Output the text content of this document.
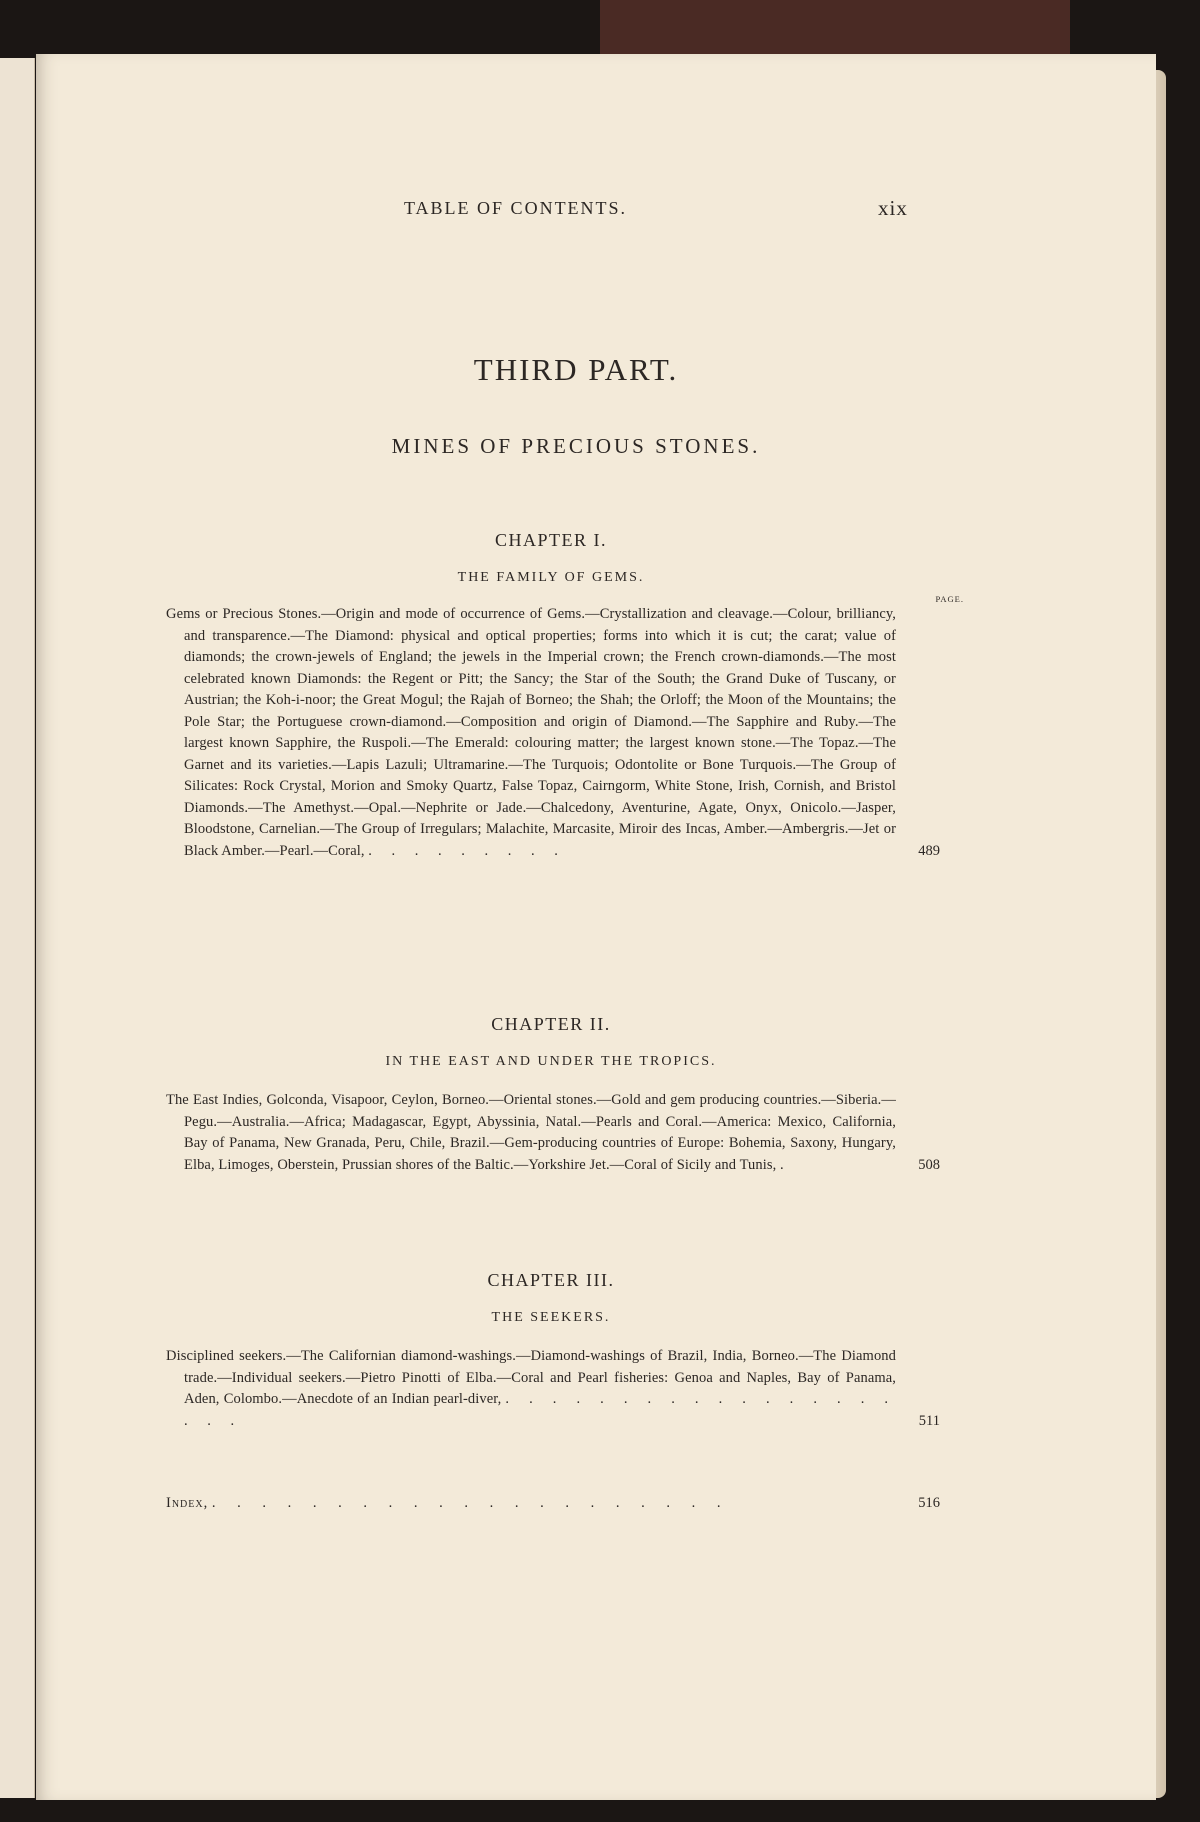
TABLE OF CONTENTS.	xix
THIRD PART.
MINES OF PRECIOUS STONES.
CHAPTER I.
THE FAMILY OF GEMS.
PAGE.
Gems or Precious Stones.—Origin and mode of occurrence of Gems.—Crystallization and cleavage.—Colour, brilliancy, and transparence.—The Diamond: physical and optical properties; forms into which it is cut; the carat; value of diamonds; the crown-jewels of England; the jewels in the Imperial crown; the French crown-diamonds.—The most celebrated known Diamonds: the Regent or Pitt; the Sancy; the Star of the South; the Grand Duke of Tuscany, or Austrian; the Koh-i-noor; the Great Mogul; the Rajah of Borneo; the Shah; the Orloff; the Moon of the Mountains; the Pole Star; the Portuguese crown-diamond.—Composition and origin of Diamond.—The Sapphire and Ruby.—The largest known Sapphire, the Ruspoli.—The Emerald: colouring matter; the largest known stone.—The Topaz.—The Garnet and its varieties.—Lapis Lazuli; Ultramarine.—The Turquois; Odontolite or Bone Turquois.—The Group of Silicates: Rock Crystal, Morion and Smoky Quartz, False Topaz, Cairngorm, White Stone, Irish, Cornish, and Bristol Diamonds.—The Amethyst.—Opal.—Nephrite or Jade.—Chalcedony, Aventurine, Agate, Onyx, Onicolo.—Jasper, Bloodstone, Carnelian.—The Group of Irregulars; Malachite, Marcasite, Miroir des Incas, Amber.—Ambergris.—Jet or Black Amber.—Pearl.—Coral, . . . . . . . . .	489
CHAPTER II.
IN THE EAST AND UNDER THE TROPICS.
The East Indies, Golconda, Visapoor, Ceylon, Borneo.—Oriental stones.—Gold and gem producing countries.—Siberia.—Pegu.—Australia.—Africa; Madagascar, Egypt, Abyssinia, Natal.—Pearls and Coral.—America: Mexico, California, Bay of Panama, New Granada, Peru, Chile, Brazil.—Gem-producing countries of Europe: Bohemia, Saxony, Hungary, Elba, Limoges, Oberstein, Prussian shores of the Baltic.—Yorkshire Jet.—Coral of Sicily and Tunis, .	508
CHAPTER III.
THE SEEKERS.
Disciplined seekers.—The Californian diamond-washings.—Diamond-washings of Brazil, India, Borneo.—The Diamond trade.—Individual seekers.—Pietro Pinotti of Elba.—Coral and Pearl fisheries: Genoa and Naples, Bay of Panama, Aden, Colombo.—Anecdote of an Indian pearl-diver, . . . . . . . . . . . . . . . . . . . .	511
Index, . . . . . . . . . . . . . . . . . . . . .	516
